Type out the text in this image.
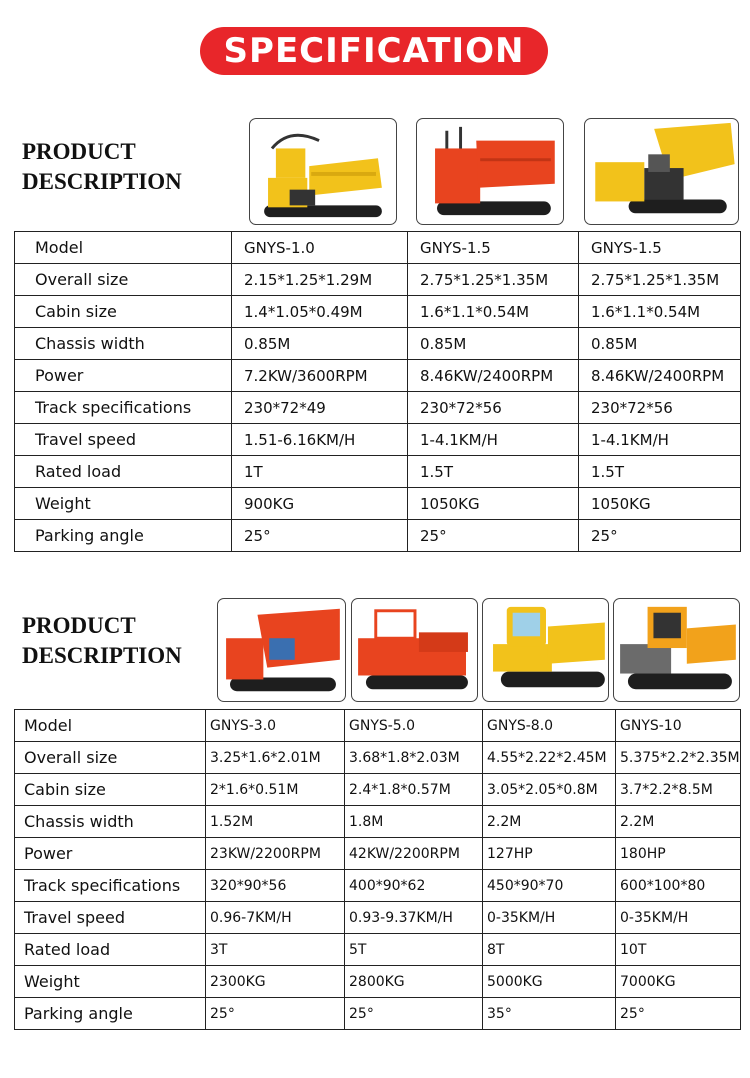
SPECIFICATION
PRODUCT
DESCRIPTION
Model	GNYS-1.0	GNYS-1.5	GNYS-1.5
Overall size	2.15*1.25*1.29M	2.75*1.25*1.35M	2.75*1.25*1.35M
Cabin size	1.4*1.05*0.49M	1.6*1.1*0.54M	1.6*1.1*0.54M
Chassis width	0.85M	0.85M	0.85M
Power	7.2KW/3600RPM	8.46KW/2400RPM	8.46KW/2400RPM
Track specifications	230*72*49	230*72*56	230*72*56
Travel speed	1.51-6.16KM/H	1-4.1KM/H	1-4.1KM/H
Rated load	1T	1.5T	1.5T
Weight	900KG	1050KG	1050KG
Parking angle	25°	25°	25°
PRODUCT
DESCRIPTION
Model	GNYS-3.0	GNYS-5.0	GNYS-8.0	GNYS-10
Overall size	3.25*1.6*2.01M	3.68*1.8*2.03M	4.55*2.22*2.45M	5.375*2.2*2.35M
Cabin size	2*1.6*0.51M	2.4*1.8*0.57M	3.05*2.05*0.8M	3.7*2.2*8.5M
Chassis width	1.52M	1.8M	2.2M	2.2M
Power	23KW/2200RPM	42KW/2200RPM	127HP	180HP
Track specifications	320*90*56	400*90*62	450*90*70	600*100*80
Travel speed	0.96-7KM/H	0.93-9.37KM/H	0-35KM/H	0-35KM/H
Rated load	3T	5T	8T	10T
Weight	2300KG	2800KG	5000KG	7000KG
Parking angle	25°	25°	35°	25°
